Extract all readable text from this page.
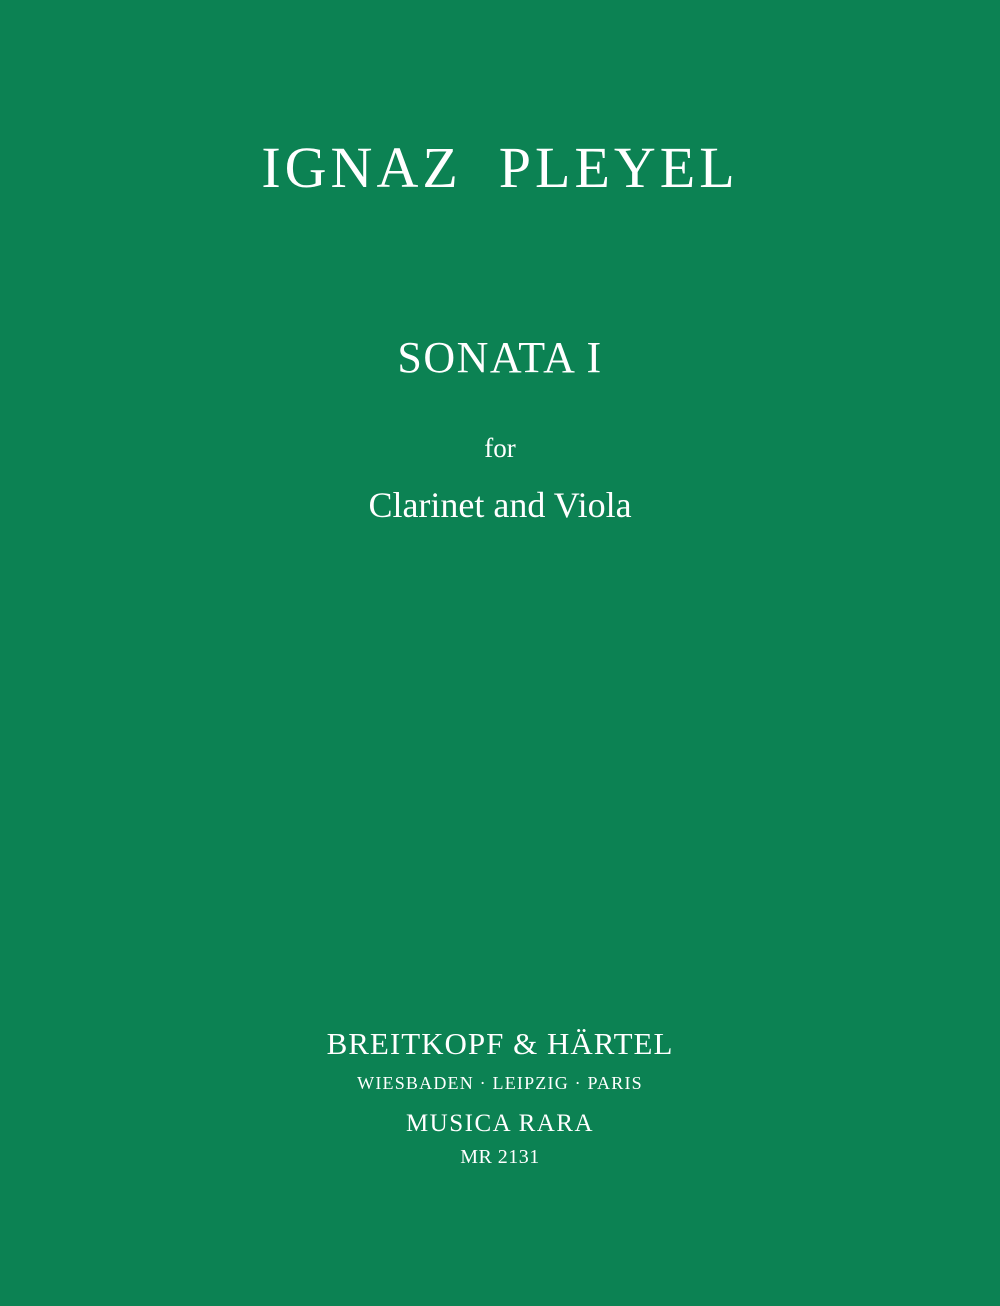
IGNAZ  PLEYEL
SONATA I
for
Clarinet and Viola
BREITKOPF & HÄRTEL
WIESBADEN · LEIPZIG · PARIS
MUSICA RARA
MR 2131
